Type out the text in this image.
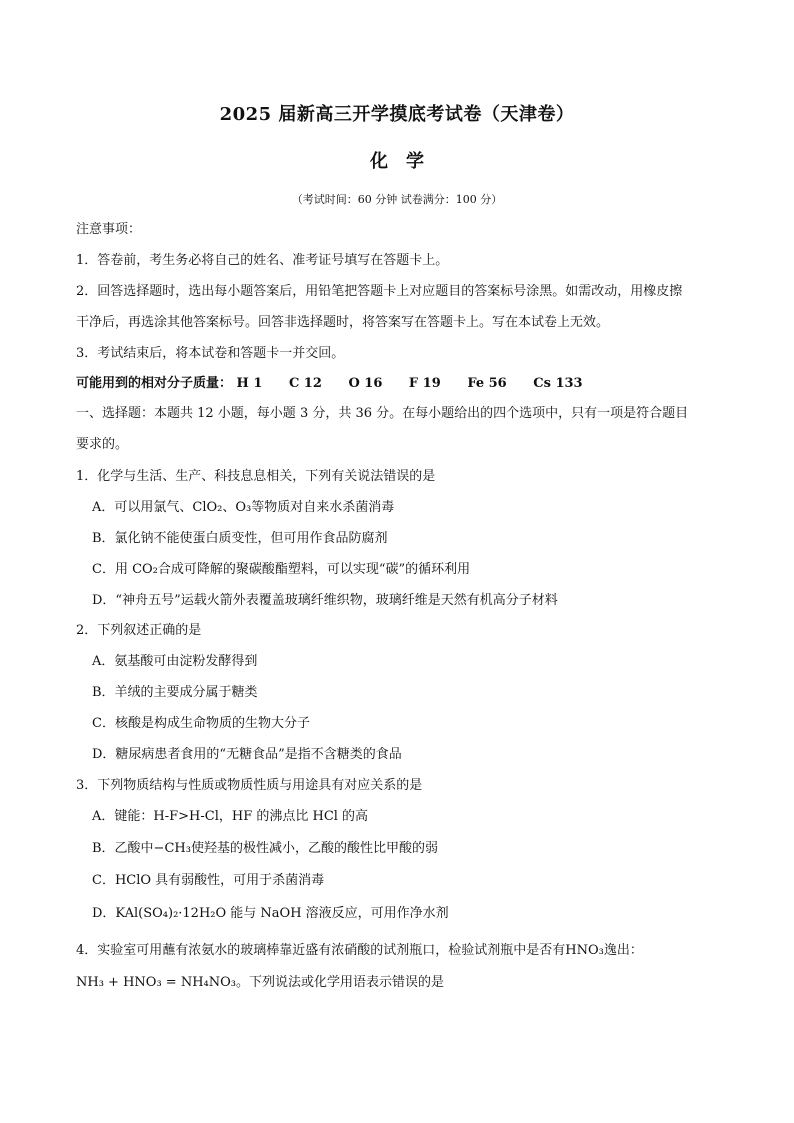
2025 届新高三开学摸底考试卷（天津卷）
化学
（考试时间：60 分钟 试卷满分：100 分）
注意事项：
1．答卷前，考生务必将自己的姓名、准考证号填写在答题卡上。
2．回答选择题时，选出每小题答案后，用铅笔把答题卡上对应题目的答案标号涂黑。如需改动，用橡皮擦
干净后，再选涂其他答案标号。回答非选择题时，将答案写在答题卡上。写在本试卷上无效。
3．考试结束后，将本试卷和答题卡一并交回。
可能用到的相对分子质量： H 1 C 12 O 16 F 19 Fe 56 Cs 133
一、选择题：本题共 12 小题，每小题 3 分，共 36 分。在每小题给出的四个选项中，只有一项是符合题目
要求的。
1．化学与生活、生产、科技息息相关，下列有关说法错误的是
A．可以用氯气、ClO₂、O₃等物质对自来水杀菌消毒
B．氯化钠不能使蛋白质变性，但可用作食品防腐剂
C．用 CO₂合成可降解的聚碳酸酯塑料，可以实现“碳”的循环利用
D．“神舟五号”运载火箭外表覆盖玻璃纤维织物，玻璃纤维是天然有机高分子材料
2．下列叙述正确的是
A．氨基酸可由淀粉发酵得到
B．羊绒的主要成分属于糖类
C．核酸是构成生命物质的生物大分子
D．糖尿病患者食用的“无糖食品”是指不含糖类的食品
3．下列物质结构与性质或物质性质与用途具有对应关系的是
A．键能：H-F>H-Cl，HF 的沸点比 HCl 的高
B．乙酸中−CH₃使羟基的极性减小，乙酸的酸性比甲酸的弱
C．HClO 具有弱酸性，可用于杀菌消毒
D．KAl(SO₄)₂·12H₂O 能与 NaOH 溶液反应，可用作净水剂
4．实验室可用蘸有浓氨水的玻璃棒靠近盛有浓硝酸的试剂瓶口，检验试剂瓶中是否有HNO₃逸出：
NH₃ + HNO₃ = NH₄NO₃。下列说法或化学用语表示错误的是
